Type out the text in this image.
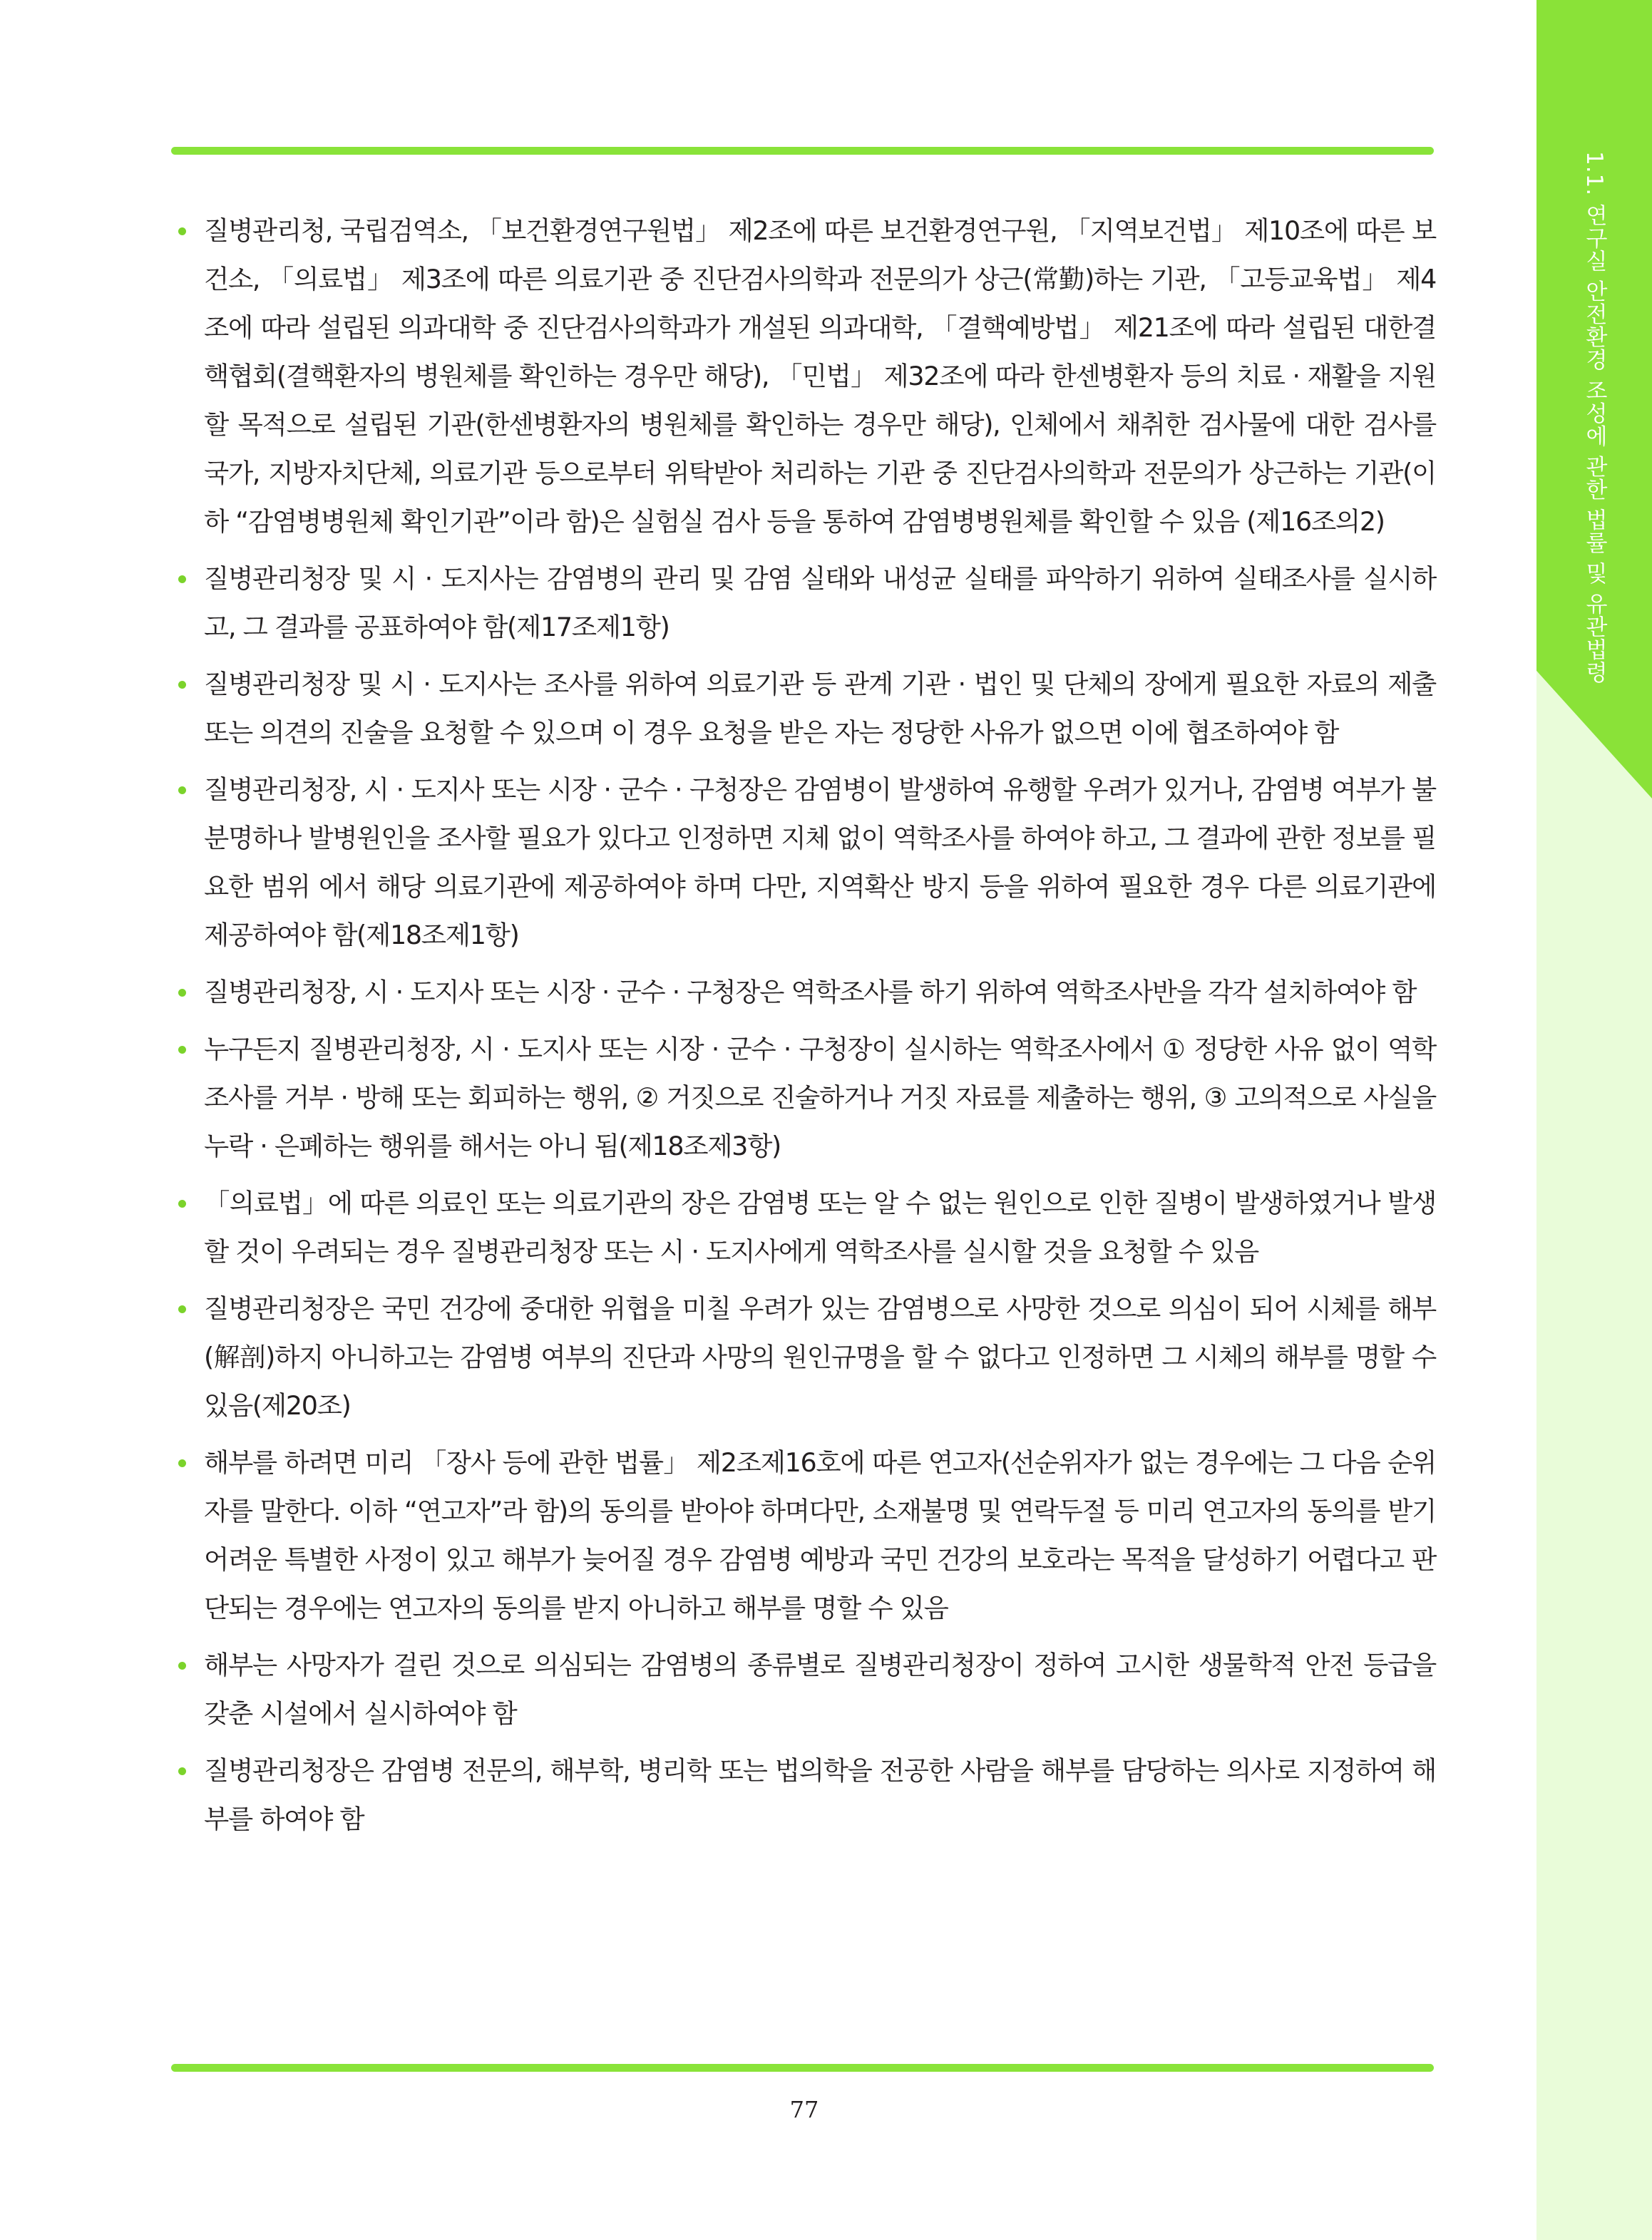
1.1. 연구실 안전환경 조성에 관한 법률 및 유관법령
질병관리청, 국립검역소, 「보건환경연구원법」 제2조에 따른 보건환경연구원, 「지역보건법」 제10조에 따른 보건소, 「의료법」 제3조에 따른 의료기관 중 진단검사의학과 전문의가 상근(常勤)하는 기관, 「고등교육법」 제4조에 따라 설립된 의과대학 중 진단검사의학과가 개설된 의과대학, 「결핵예방법」 제21조에 따라 설립된 대한결핵협회(결핵환자의 병원체를 확인하는 경우만 해당), 「민법」 제32조에 따라 한센병환자 등의 치료 · 재활을 지원할 목적으로 설립된 기관(한센병환자의 병원체를 확인하는 경우만 해당), 인체에서 채취한 검사물에 대한 검사를 국가, 지방자치단체, 의료기관 등으로부터 위탁받아 처리하는 기관 중 진단검사의학과 전문의가 상근하는 기관(이하 “감염병병원체 확인기관”이라 함)은 실험실 검사 등을 통하여 감염병병원체를 확인할 수 있음 (제16조의2)
질병관리청장 및 시 · 도지사는 감염병의 관리 및 감염 실태와 내성균 실태를 파악하기 위하여 실태조사를 실시하고, 그 결과를 공표하여야 함(제17조제1항)
질병관리청장 및 시 · 도지사는 조사를 위하여 의료기관 등 관계 기관 · 법인 및 단체의 장에게 필요한 자료의 제출 또는 의견의 진술을 요청할 수 있으며 이 경우 요청을 받은 자는 정당한 사유가 없으면 이에 협조하여야 함
질병관리청장, 시 · 도지사 또는 시장 · 군수 · 구청장은 감염병이 발생하여 유행할 우려가 있거나, 감염병 여부가 불분명하나 발병원인을 조사할 필요가 있다고 인정하면 지체 없이 역학조사를 하여야 하고, 그 결과에 관한 정보를 필요한 범위 에서 해당 의료기관에 제공하여야 하며 다만, 지역확산 방지 등을 위하여 필요한 경우 다른 의료기관에 제공하여야 함(제18조제1항)
질병관리청장, 시 · 도지사 또는 시장 · 군수 · 구청장은 역학조사를 하기 위하여 역학조사반을 각각 설치하여야 함
누구든지 질병관리청장, 시 · 도지사 또는 시장 · 군수 · 구청장이 실시하는 역학조사에서 ① 정당한 사유 없이 역학조사를 거부 · 방해 또는 회피하는 행위, ② 거짓으로 진술하거나 거짓 자료를 제출하는 행위, ③ 고의적으로 사실을 누락 · 은폐하는 행위를 해서는 아니 됨(제18조제3항)
「의료법」에 따른 의료인 또는 의료기관의 장은 감염병 또는 알 수 없는 원인으로 인한 질병이 발생하였거나 발생할 것이 우려되는 경우 질병관리청장 또는 시 · 도지사에게 역학조사를 실시할 것을 요청할 수 있음
질병관리청장은 국민 건강에 중대한 위협을 미칠 우려가 있는 감염병으로 사망한 것으로 의심이 되어 시체를 해부(解剖)하지 아니하고는 감염병 여부의 진단과 사망의 원인규명을 할 수 없다고 인정하면 그 시체의 해부를 명할 수 있음(제20조)
해부를 하려면 미리 「장사 등에 관한 법률」 제2조제16호에 따른 연고자(선순위자가 없는 경우에는 그 다음 순위자를 말한다. 이하 “연고자”라 함)의 동의를 받아야 하며다만, 소재불명 및 연락두절 등 미리 연고자의 동의를 받기 어려운 특별한 사정이 있고 해부가 늦어질 경우 감염병 예방과 국민 건강의 보호라는 목적을 달성하기 어렵다고 판단되는 경우에는 연고자의 동의를 받지 아니하고 해부를 명할 수 있음
해부는 사망자가 걸린 것으로 의심되는 감염병의 종류별로 질병관리청장이 정하여 고시한 생물학적 안전 등급을 갖춘 시설에서 실시하여야 함
질병관리청장은 감염병 전문의, 해부학, 병리학 또는 법의학을 전공한 사람을 해부를 담당하는 의사로 지정하여 해부를 하여야 함
77
